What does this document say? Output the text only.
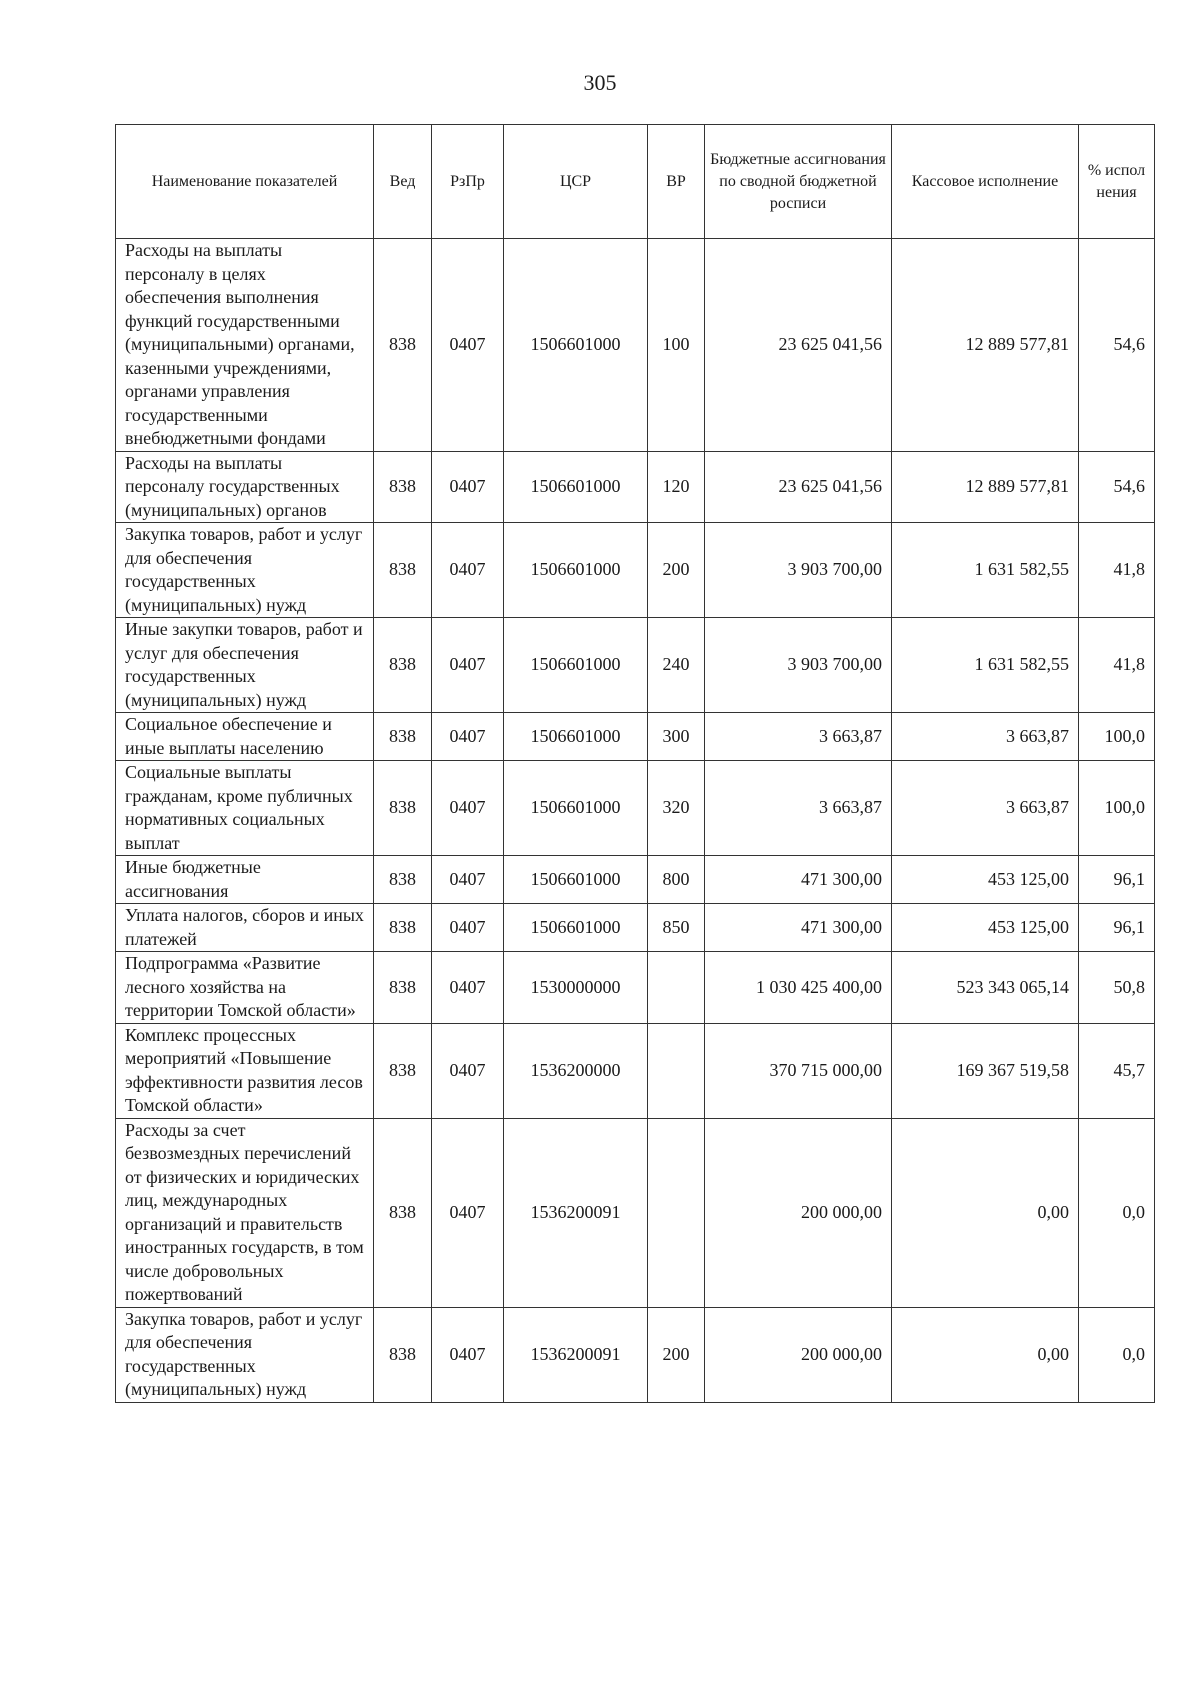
305
Наименование показателей	Вед	РзПр	ЦСР	ВР	Бюджетные ассигнования по сводной бюджетной росписи	Кассовое исполнение	% испол нения
Расходы на выплаты персоналу в целях обеспечения выполнения функций государственными (муниципальными) органами, казенными учреждениями, органами управления государственными внебюджетными фондами	838	0407	1506601000	100	23 625 041,56	12 889 577,81	54,6
Расходы на выплаты персоналу государственных (муниципальных) органов	838	0407	1506601000	120	23 625 041,56	12 889 577,81	54,6
Закупка товаров, работ и услуг для обеспечения государственных (муниципальных) нужд	838	0407	1506601000	200	3 903 700,00	1 631 582,55	41,8
Иные закупки товаров, работ и услуг для обеспечения государственных (муниципальных) нужд	838	0407	1506601000	240	3 903 700,00	1 631 582,55	41,8
Социальное обеспечение и иные выплаты населению	838	0407	1506601000	300	3 663,87	3 663,87	100,0
Социальные выплаты гражданам, кроме публичных нормативных социальных выплат	838	0407	1506601000	320	3 663,87	3 663,87	100,0
Иные бюджетные ассигнования	838	0407	1506601000	800	471 300,00	453 125,00	96,1
Уплата налогов, сборов и иных платежей	838	0407	1506601000	850	471 300,00	453 125,00	96,1
Подпрограмма «Развитие лесного хозяйства на территории Томской области»	838	0407	1530000000		1 030 425 400,00	523 343 065,14	50,8
Комплекс процессных мероприятий «Повышение эффективности развития лесов Томской области»	838	0407	1536200000		370 715 000,00	169 367 519,58	45,7
Расходы за счет безвозмездных перечислений от физических и юридических лиц, международных организаций и правительств иностранных государств, в том числе добровольных пожертвований	838	0407	1536200091		200 000,00	0,00	0,0
Закупка товаров, работ и услуг для обеспечения государственных (муниципальных) нужд	838	0407	1536200091	200	200 000,00	0,00	0,0
